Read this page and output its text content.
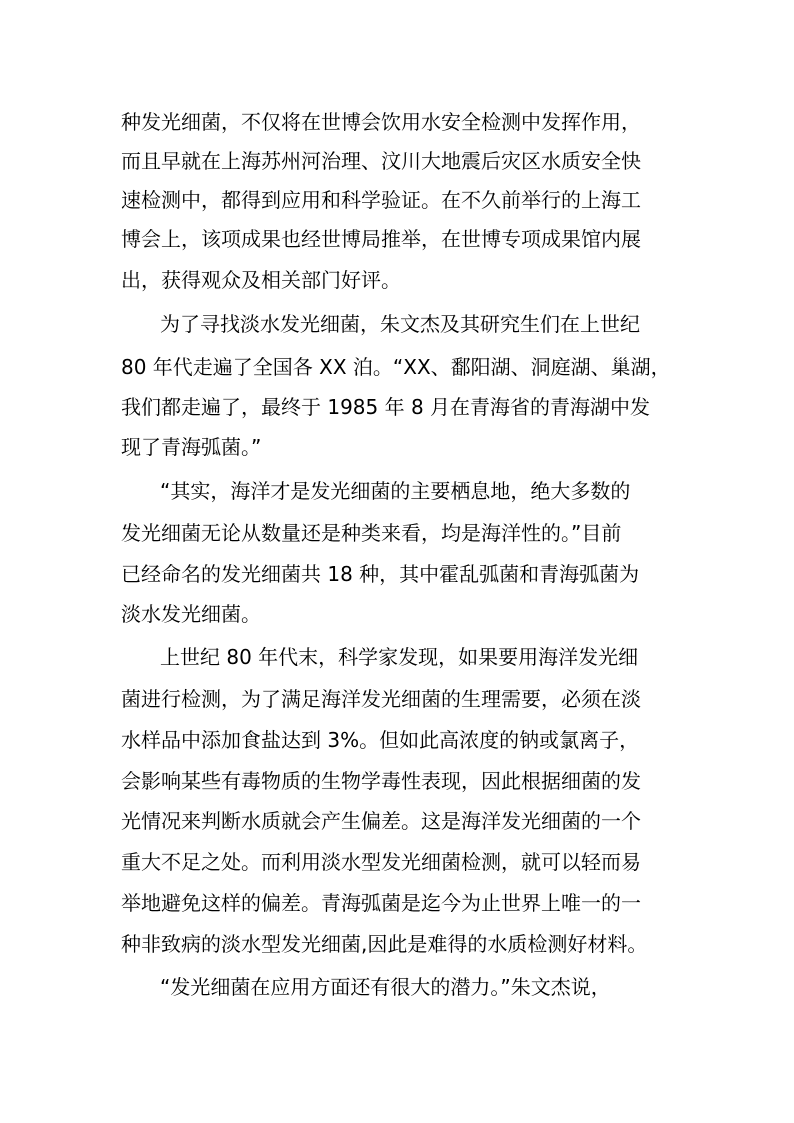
种发光细菌，不仅将在世博会饮用水安全检测中发挥作用，
而且早就在上海苏州河治理、汶川大地震后灾区水质安全快
速检测中，都得到应用和科学验证。在不久前举行的上海工
博会上，该项成果也经世博局推举，在世博专项成果馆内展
出，获得观众及相关部门好评。
为了寻找淡水发光细菌，朱文杰及其研究生们在上世纪
80 年代走遍了全国各 XX 泊。“XX、鄱阳湖、洞庭湖、巢湖，
我们都走遍了，最终于 1985 年 8 月在青海省的青海湖中发
现了青海弧菌。”
“其实，海洋才是发光细菌的主要栖息地，绝大多数的
发光细菌无论从数量还是种类来看，均是海洋性的。”目前
已经命名的发光细菌共 18 种，其中霍乱弧菌和青海弧菌为
淡水发光细菌。
上世纪 80 年代末，科学家发现，如果要用海洋发光细
菌进行检测，为了满足海洋发光细菌的生理需要，必须在淡
水样品中添加食盐达到 3%。但如此高浓度的钠或氯离子，
会影响某些有毒物质的生物学毒性表现，因此根据细菌的发
光情况来判断水质就会产生偏差。这是海洋发光细菌的一个
重大不足之处。而利用淡水型发光细菌检测，就可以轻而易
举地避免这样的偏差。青海弧菌是迄今为止世界上唯一的一
种非致病的淡水型发光细菌,因此是难得的水质检测好材料。
“发光细菌在应用方面还有很大的潜力。”朱文杰说，
